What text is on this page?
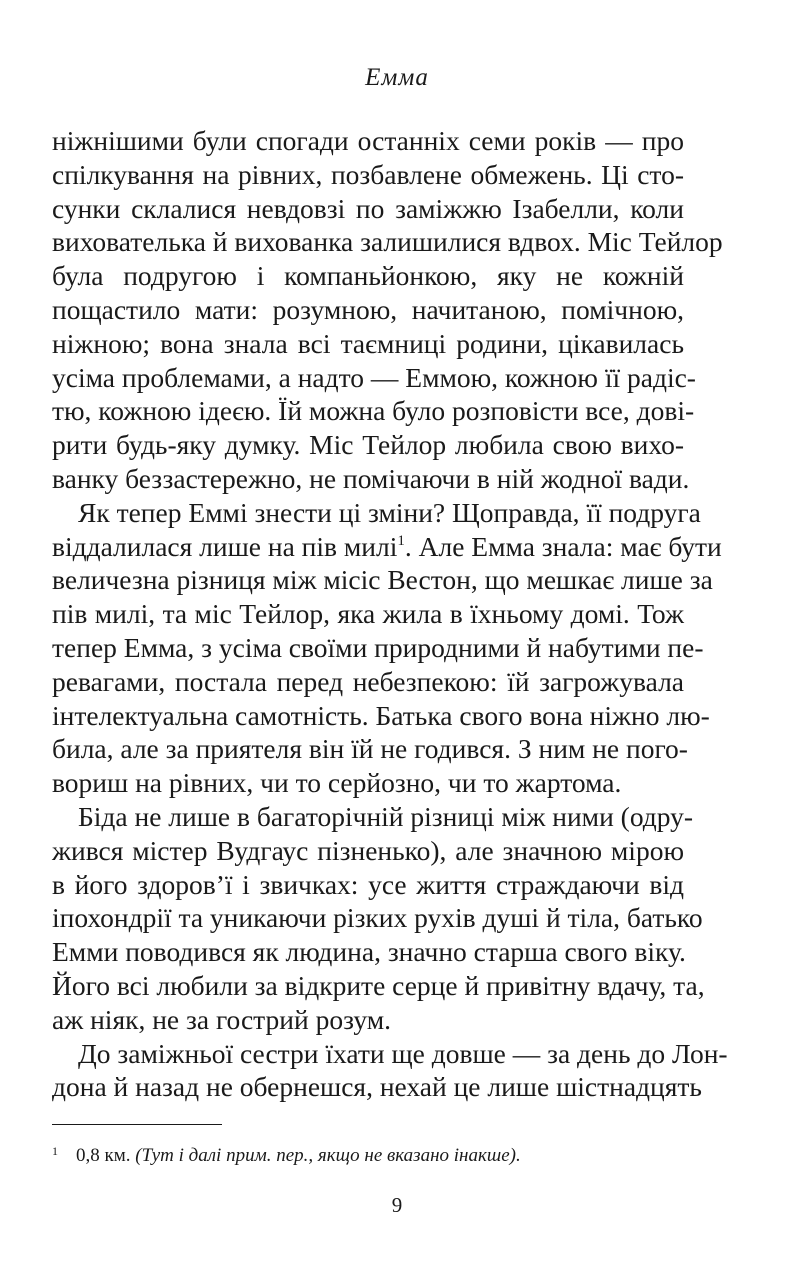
Емма
ніжнішими були спогади останніх семи років — про
спілкування на рівних, позбавлене обмежень. Ці сто-
сунки склалися невдовзі по заміжжю Ізабелли, коли
вихователька й вихованка залишилися вдвох. Міс Тейлор
була подругою і компаньйонкою, яку не кожній
пощастило мати: розумною, начитаною, помічною,
ніжною; вона знала всі таємниці родини, цікавилась
усіма проблемами, а надто — Еммою, кожною її радіс-
тю, кожною ідеєю. Їй можна було розповісти все, дові-
рити будь-яку думку. Міс Тейлор любила свою вихо-
ванку беззастережно, не помічаючи в ній жодної вади.
Як тепер Еммі знести ці зміни? Щоправда, її подруга
віддалилася лише на пів милі$^1$. Але Емма знала: має бути
величезна різниця між місіс Вестон, що мешкає лише за
пів милі, та міс Тейлор, яка жила в їхньому домі. Тож
тепер Емма, з усіма своїми природними й набутими пе-
ревагами, постала перед небезпекою: їй загрожувала
інтелектуальна самотність. Батька свого вона ніжно лю-
била, але за приятеля він їй не годився. З ним не пого-
вориш на рівних, чи то серйозно, чи то жартома.
Біда не лише в багаторічній різниці між ними (одру-
жився містер Вудгаус пізненько), але значною мірою
в його здоров’ї і звичках: усе життя страждаючи від
іпохондрії та уникаючи різких рухів душі й тіла, батько
Емми поводився як людина, значно старша свого віку.
Його всі любили за відкрите серце й привітну вдачу, та,
аж ніяк, не за гострий розум.
До заміжньої сестри їхати ще довше — за день до Лон-
дона й назад не обернешся, нехай це лише шістнадцять
1 0,8 км. (Тут і далі прим. пер., якщо не вказано інакше).
9
